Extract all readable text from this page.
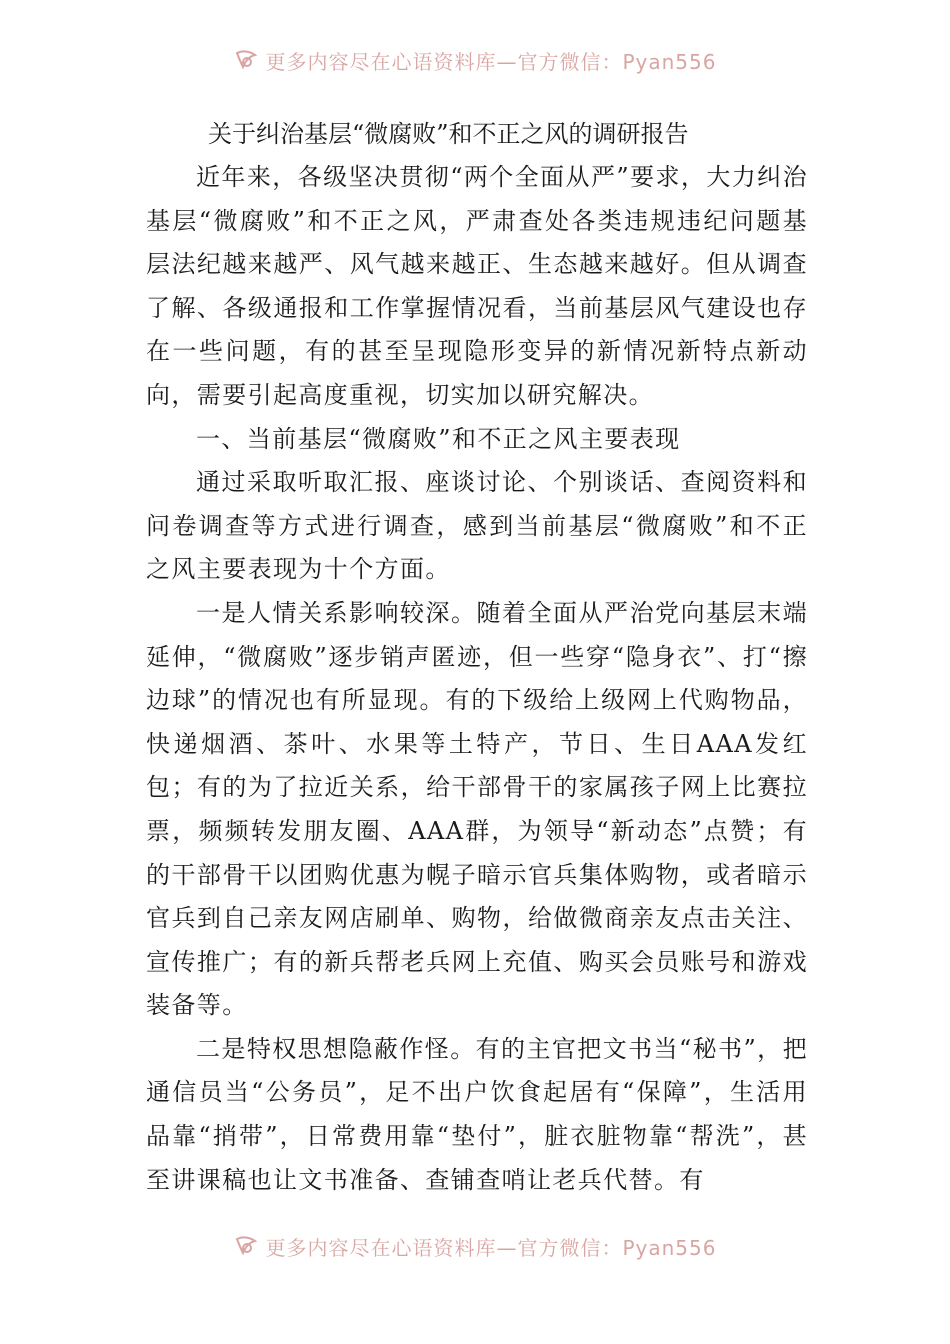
更多内容尽在心语资料库—官方微信：Pyan556

关于纠治基层“微腐败”和不正之风的调研报告

近年来，各级坚决贯彻“两个全面从严”要求，大力纠治基层“微腐败”和不正之风，严肃查处各类违规违纪问题基层法纪越来越严、风气越来越正、生态越来越好。但从调查了解、各级通报和工作掌握情况看，当前基层风气建设也存在一些问题，有的甚至呈现隐形变异的新情况新特点新动向，需要引起高度重视，切实加以研究解决。

一、当前基层“微腐败”和不正之风主要表现

通过采取听取汇报、座谈讨论、个别谈话、查阅资料和问卷调查等方式进行调查，感到当前基层“微腐败”和不正之风主要表现为十个方面。

一是人情关系影响较深。随着全面从严治党向基层末端延伸，“微腐败”逐步销声匿迹，但一些穿“隐身衣”、打“擦边球”的情况也有所显现。有的下级给上级网上代购物品，快递烟酒、茶叶、水果等土特产，节日、生日AAA发红包；有的为了拉近关系，给干部骨干的家属孩子网上比赛拉票，频频转发朋友圈、AAA群，为领导“新动态”点赞；有的干部骨干以团购优惠为幌子暗示官兵集体购物，或者暗示官兵到自己亲友网店刷单、购物，给做微商亲友点击关注、宣传推广；有的新兵帮老兵网上充值、购买会员账号和游戏装备等。

二是特权思想隐蔽作怪。有的主官把文书当“秘书”，把通信员当“公务员”，足不出户饮食起居有“保障”，生活用品靠“捎带”，日常费用靠“垫付”，脏衣脏物靠“帮洗”，甚至讲课稿也让文书准备、查铺查哨让老兵代替。有

更多内容尽在心语资料库—官方微信：Pyan556
